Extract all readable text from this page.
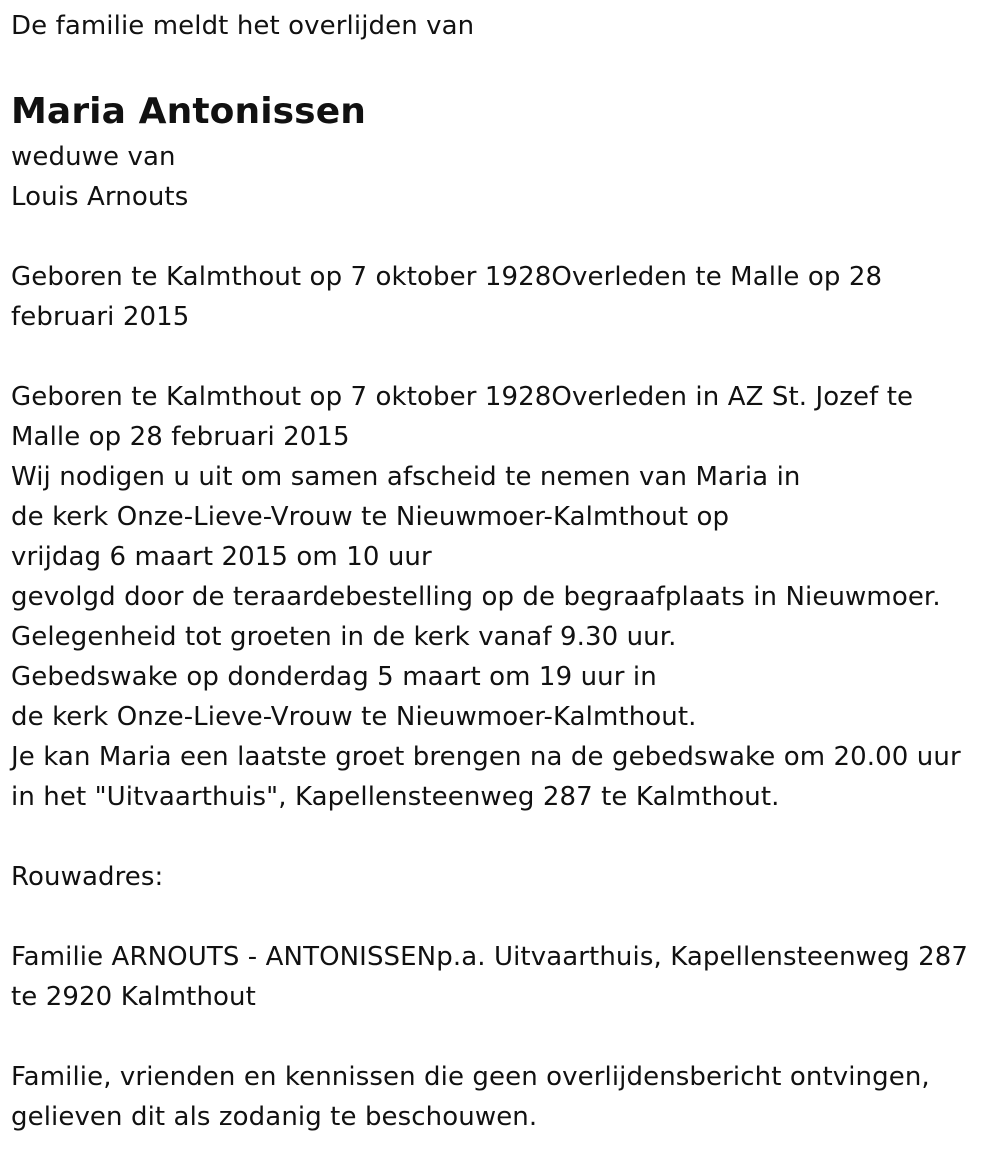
De familie meldt het overlijden van
Maria Antonissen
weduwe van
Louis Arnouts
Geboren te Kalmthout op 7 oktober 1928Overleden te Malle op 28
februari 2015
Geboren te Kalmthout op 7 oktober 1928Overleden in AZ St. Jozef te
Malle op 28 februari 2015
Wij nodigen u uit om samen afscheid te nemen van Maria in
de kerk Onze-Lieve-Vrouw te Nieuwmoer-Kalmthout op
vrijdag 6 maart 2015 om 10 uur
gevolgd door de teraardebestelling op de begraafplaats in Nieuwmoer.
Gelegenheid tot groeten in de kerk vanaf 9.30 uur.
Gebedswake op donderdag 5 maart om 19 uur in
de kerk Onze-Lieve-Vrouw te Nieuwmoer-Kalmthout.
Je kan Maria een laatste groet brengen na de gebedswake om 20.00 uur
in het "Uitvaarthuis", Kapellensteenweg 287 te Kalmthout.
Rouwadres:
Familie ARNOUTS - ANTONISSENp.a. Uitvaarthuis, Kapellensteenweg 287
te 2920 Kalmthout
Familie, vrienden en kennissen die geen overlijdensbericht ontvingen,
gelieven dit als zodanig te beschouwen.
